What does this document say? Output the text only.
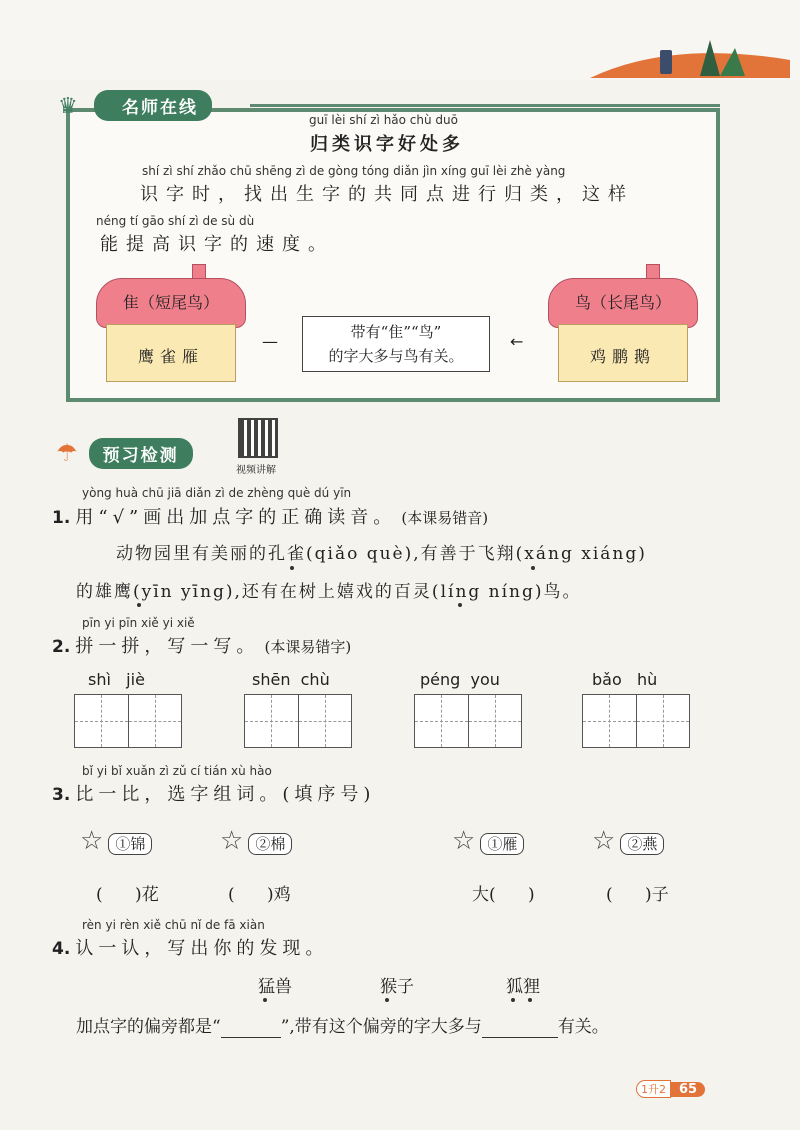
♛	名师在线
guī lèi shí zì hǎo chù duō
归类识字好处多
shí zì shí zhǎo chū shēng zì de gòng tóng diǎn jìn xíng guī lèi zhè yàng
识字时，找出生字的共同点进行归类，这样
néng tí gāo shí zì de sù dù
能提高识字的速度。
隹（短尾鸟）
鹰雀雁
鸟（长尾鸟）
鸡鹏鹅
—	←
带有“隹”“鸟”
的字大多与鸟有关。
☂ 预习检测
视频讲解
yòng huà chū jiā diǎn zì de zhèng què dú yīn
1. 用“√”画出加点字的正确读音。 (本课易错音)
动物园里有美丽的孔雀(qiǎo què),有善于飞翔(xáng xiáng)
的雄鹰(yīn yīng),还有在树上嬉戏的百灵(líng níng)鸟。
pīn yi pīn xiě yi xiě
2. 拼一拼，写一写。 (本课易错字)
shì   jiè	shēn  chù	péng  you	bǎo   hù
bǐ yi bǐ xuǎn zì zǔ cí tián xù hào
3. 比一比，选字组词。(填序号)
☆ ①锦	☆ ②棉	☆ ①雁	☆ ②燕
(      )花	(      )鸡	大(      )	(      )子
rèn yi rèn xiě chū nǐ de fā xiàn
4. 认一认，写出你的发现。
猛兽	猴子	狐狸
加点字的偏旁都是“	”,带有这个偏旁的字大多与	有关。
1升2 65
